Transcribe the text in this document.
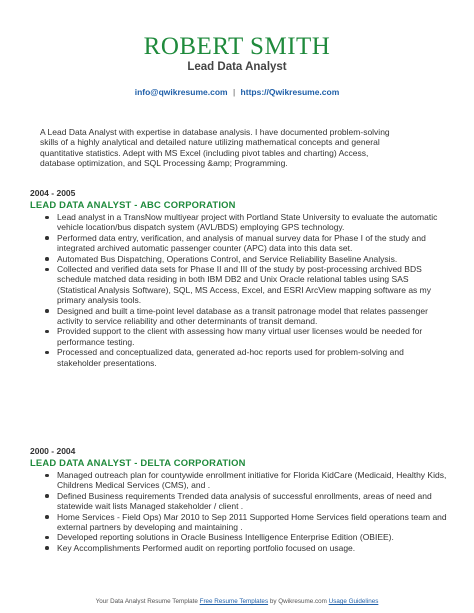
ROBERT SMITH
Lead Data Analyst
info@qwikresume.com | https://Qwikresume.com
A Lead Data Analyst with expertise in database analysis. I have documented problem-solving skills of a highly analytical and detailed nature utilizing mathematical concepts and general quantitative statistics. Adept with MS Excel (including pivot tables and charting) Access, database optimization, and SQL Processing &amp; Programming.
2004 - 2005
LEAD DATA ANALYST - ABC CORPORATION
Lead analyst in a TransNow multiyear project with Portland State University to evaluate the automatic vehicle location/bus dispatch system (AVL/BDS) employing GPS technology.
Performed data entry, verification, and analysis of manual survey data for Phase I of the study and integrated archived automatic passenger counter (APC) data into this data set.
Automated Bus Dispatching, Operations Control, and Service Reliability Baseline Analysis.
Collected and verified data sets for Phase II and III of the study by post-processing archived BDS schedule matched data residing in both IBM DB2 and Unix Oracle relational tables using SAS (Statistical Analysis Software), SQL, MS Access, Excel, and ESRI ArcView mapping software as my primary analysis tools.
Designed and built a time-point level database as a transit patronage model that relates passenger activity to service reliability and other determinants of transit demand.
Provided support to the client with assessing how many virtual user licenses would be needed for performance testing.
Processed and conceptualized data, generated ad-hoc reports used for problem-solving and stakeholder presentations.
2000 - 2004
LEAD DATA ANALYST - DELTA CORPORATION
Managed outreach plan for countywide enrollment initiative for Florida KidCare (Medicaid, Healthy Kids, Childrens Medical Services (CMS), and .
Defined Business requirements Trended data analysis of successful enrollments, areas of need and statewide wait lists Managed stakeholder / client .
Home Services - Field Ops) Mar 2010 to Sep 2011 Supported Home Services field operations team and external partners by developing and maintaining .
Developed reporting solutions in Oracle Business Intelligence Enterprise Edition (OBIEE).
Key Accomplishments Performed audit on reporting portfolio focused on usage.
Your Data Analyst Resume Template Free Resume Templates by Qwikresume.com Usage Guidelines
